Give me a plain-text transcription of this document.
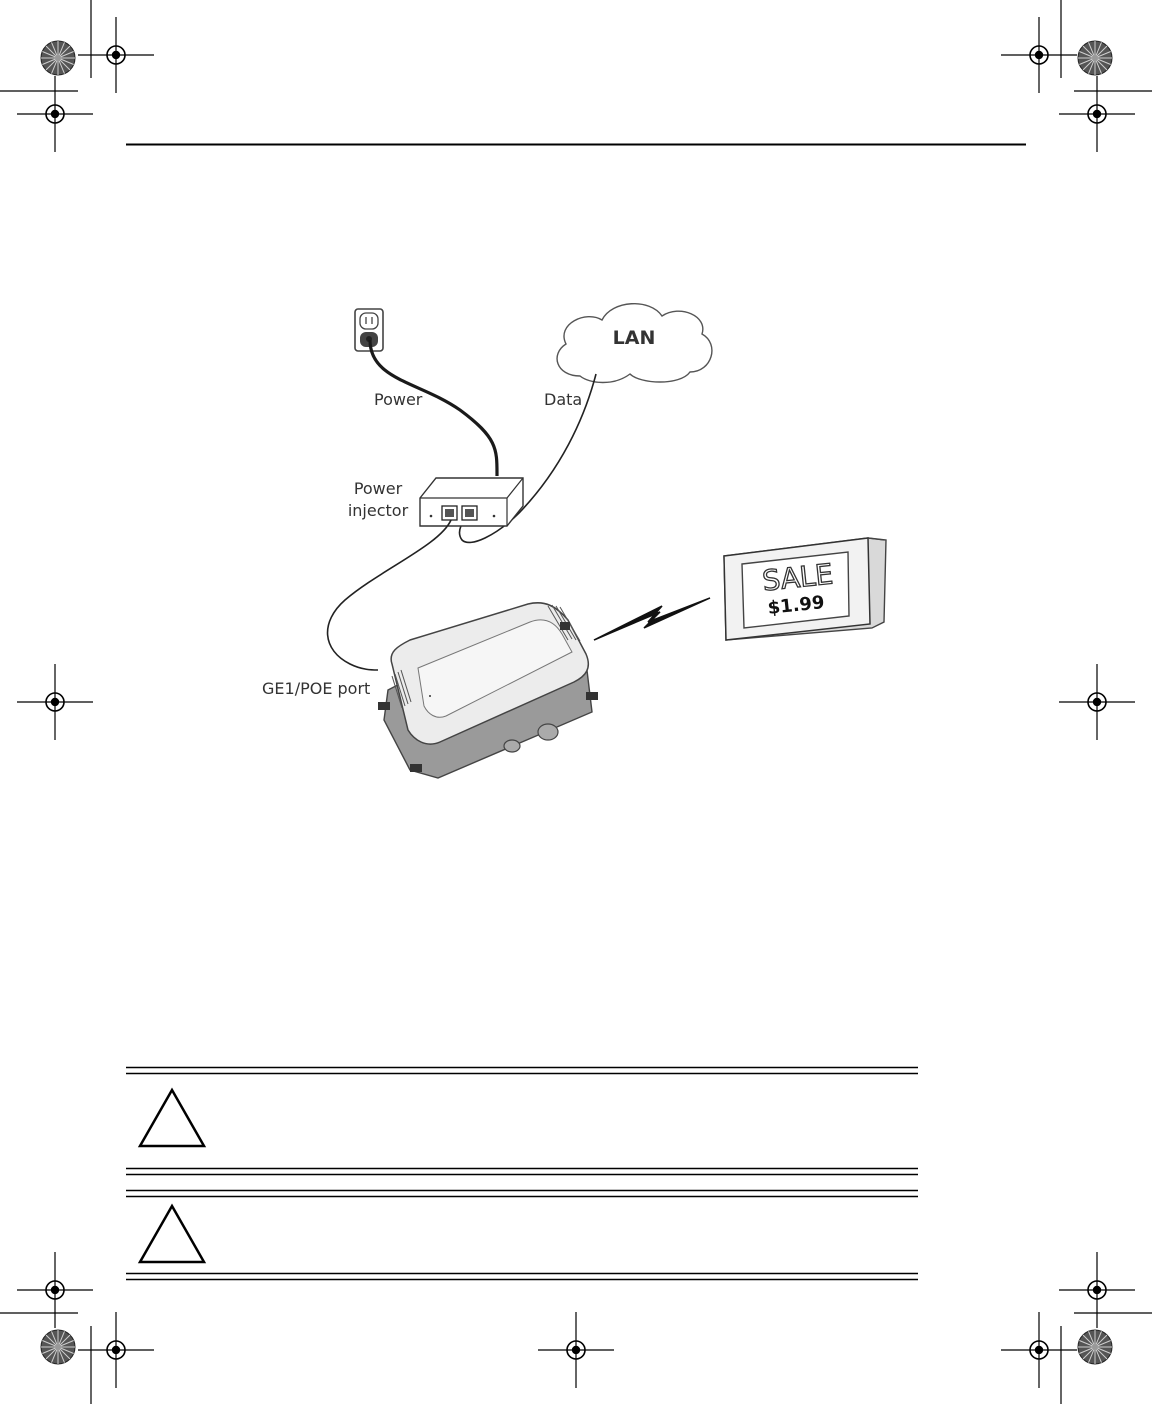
LAN
Power	Data
Power
injector
GE1/POE port
SALE
$1.99
